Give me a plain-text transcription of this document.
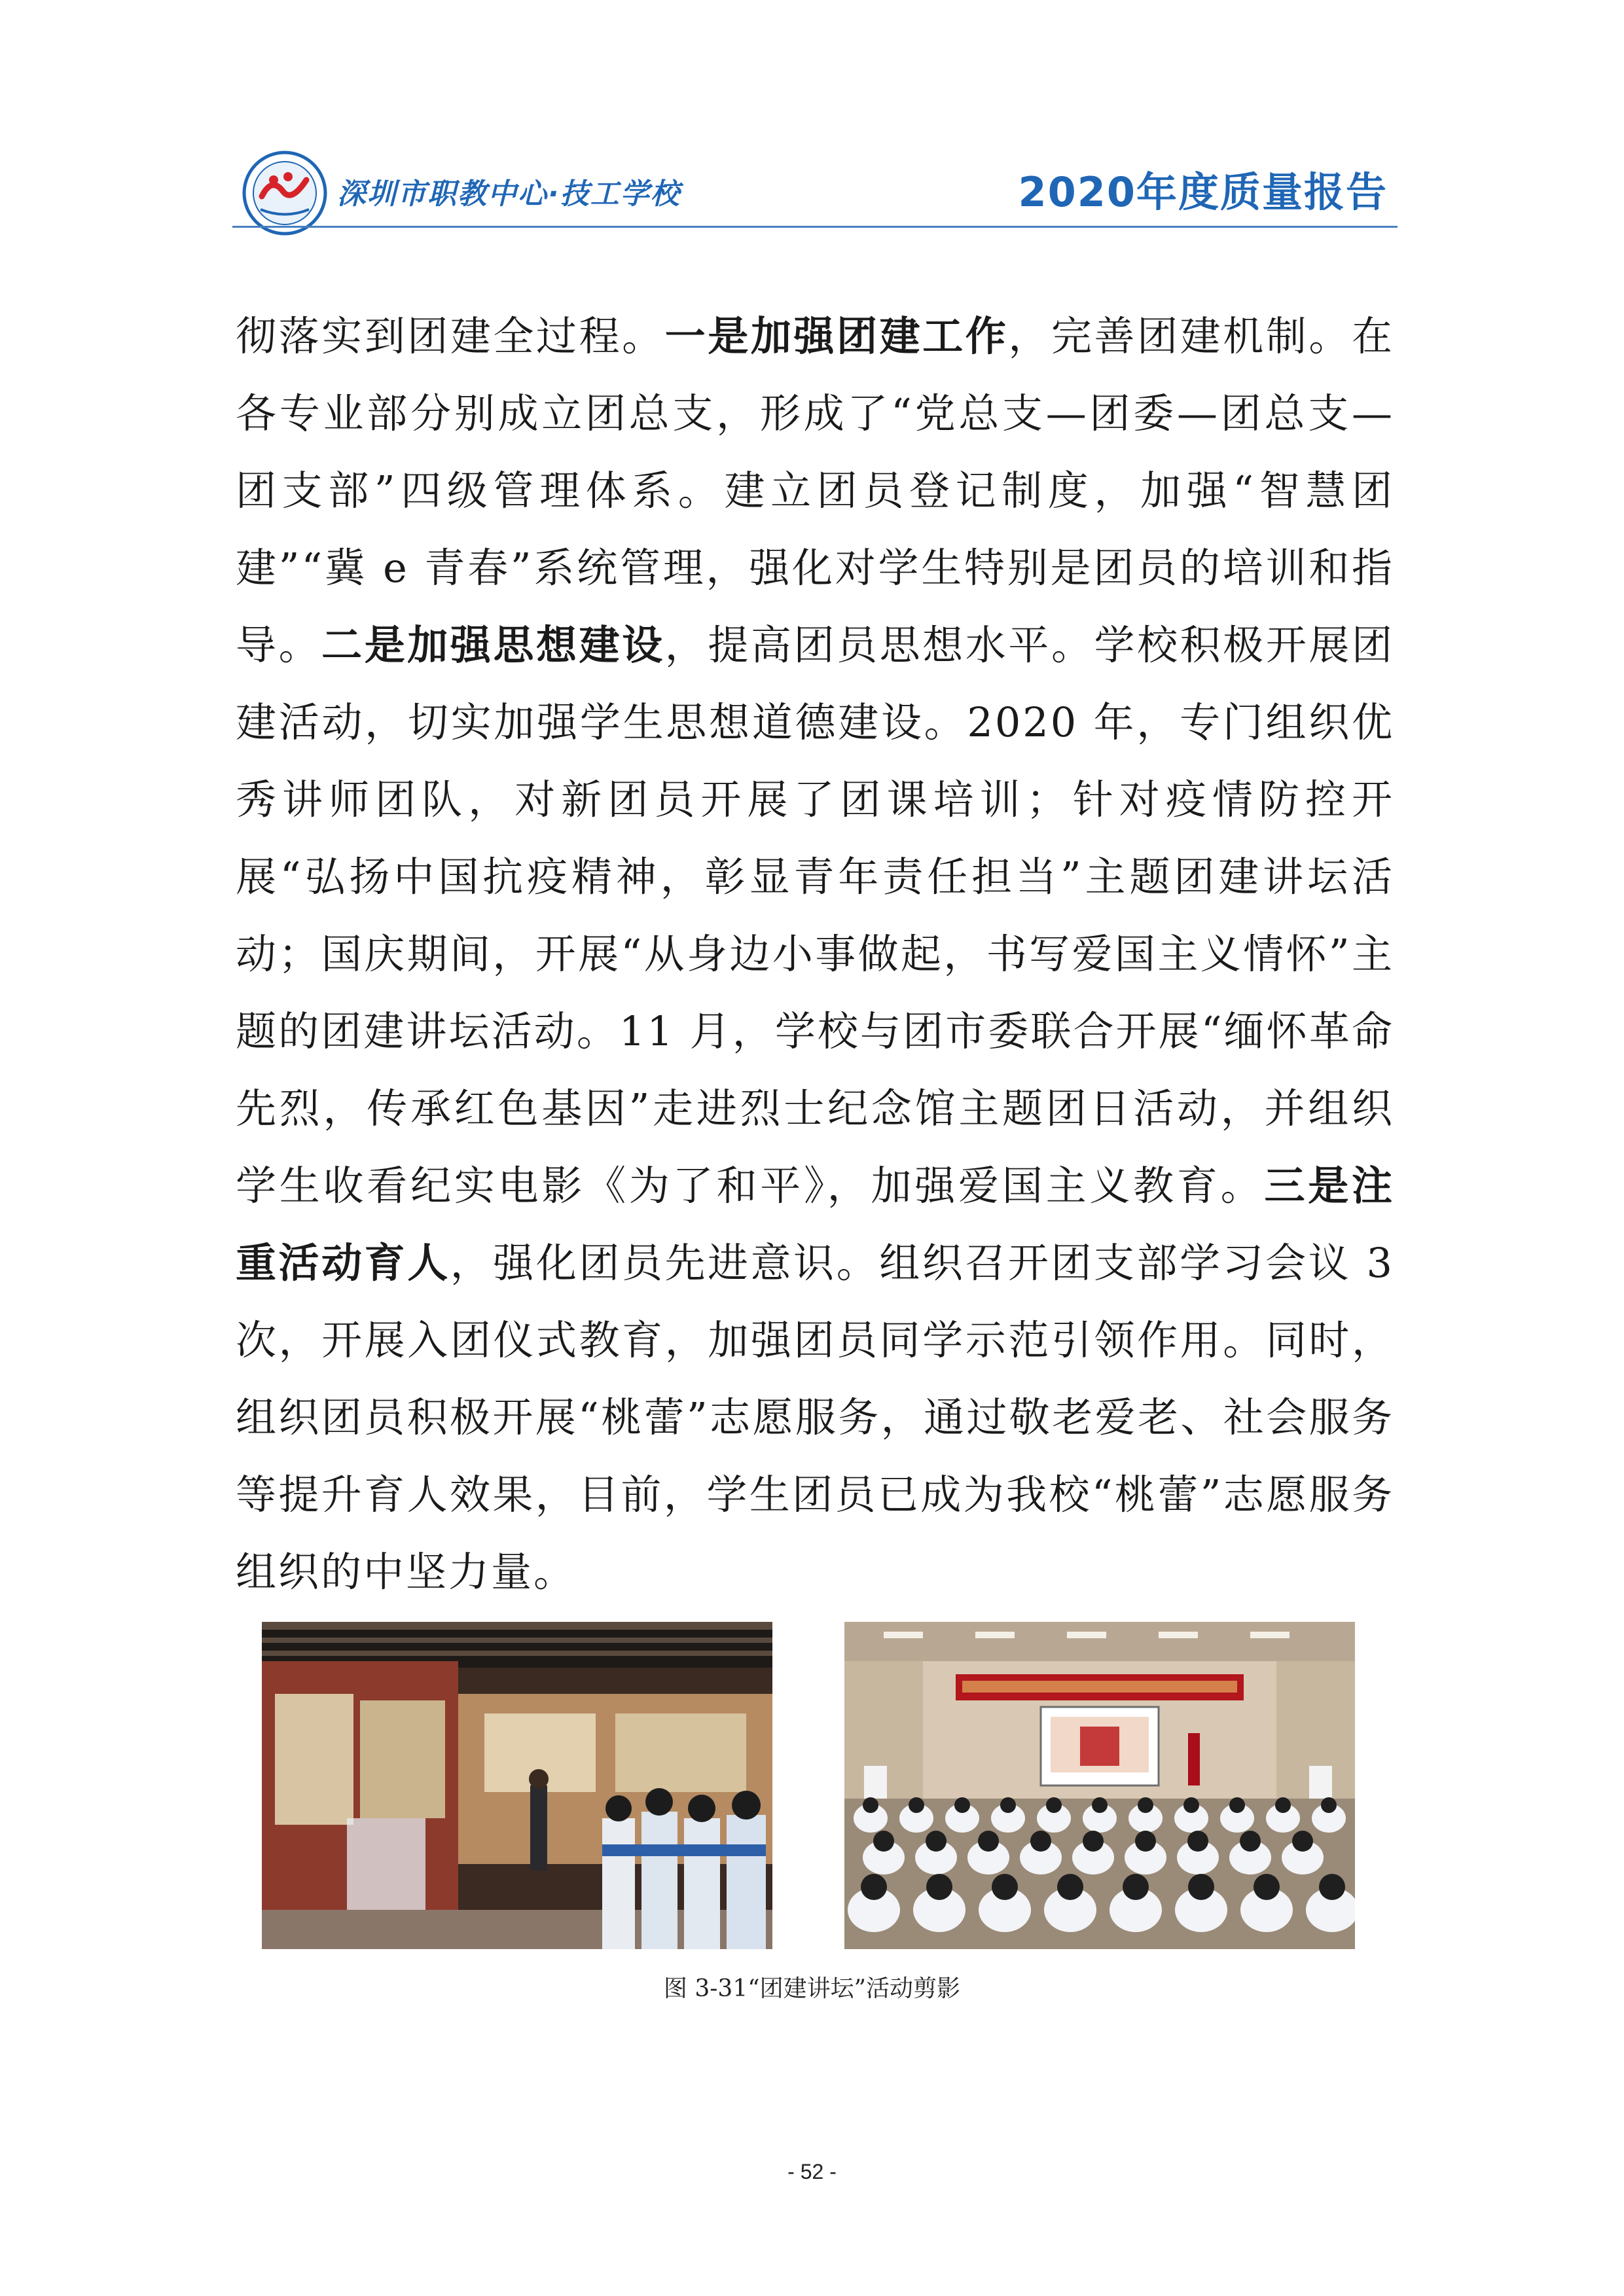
深圳市职教中心·技工学校	2020年度质量报告
彻落实到团建全过程。一是加强团建工作，完善团建机制。在各专业部分别成立团总支，形成了“党总支—团委—团总支—团支部”四级管理体系。建立团员登记制度，加强“智慧团建”“冀 e 青春”系统管理，强化对学生特别是团员的培训和指导。二是加强思想建设，提高团员思想水平。学校积极开展团建活动，切实加强学生思想道德建设。2020 年，专门组织优秀讲师团队，对新团员开展了团课培训；针对疫情防控开展“弘扬中国抗疫精神，彰显青年责任担当”主题团建讲坛活动；国庆期间，开展“从身边小事做起，书写爱国主义情怀”主题的团建讲坛活动。11 月，学校与团市委联合开展“缅怀革命先烈，传承红色基因”走进烈士纪念馆主题团日活动，并组织学生收看纪实电影《为了和平》，加强爱国主义教育。三是注重活动育人，强化团员先进意识。组织召开团支部学习会议 3 次，开展入团仪式教育，加强团员同学示范引领作用。同时，组织团员积极开展“桃蕾”志愿服务，通过敬老爱老、社会服务等提升育人效果，目前，学生团员已成为我校“桃蕾”志愿服务组织的中坚力量。
图 3-31“团建讲坛”活动剪影
- 52 -
